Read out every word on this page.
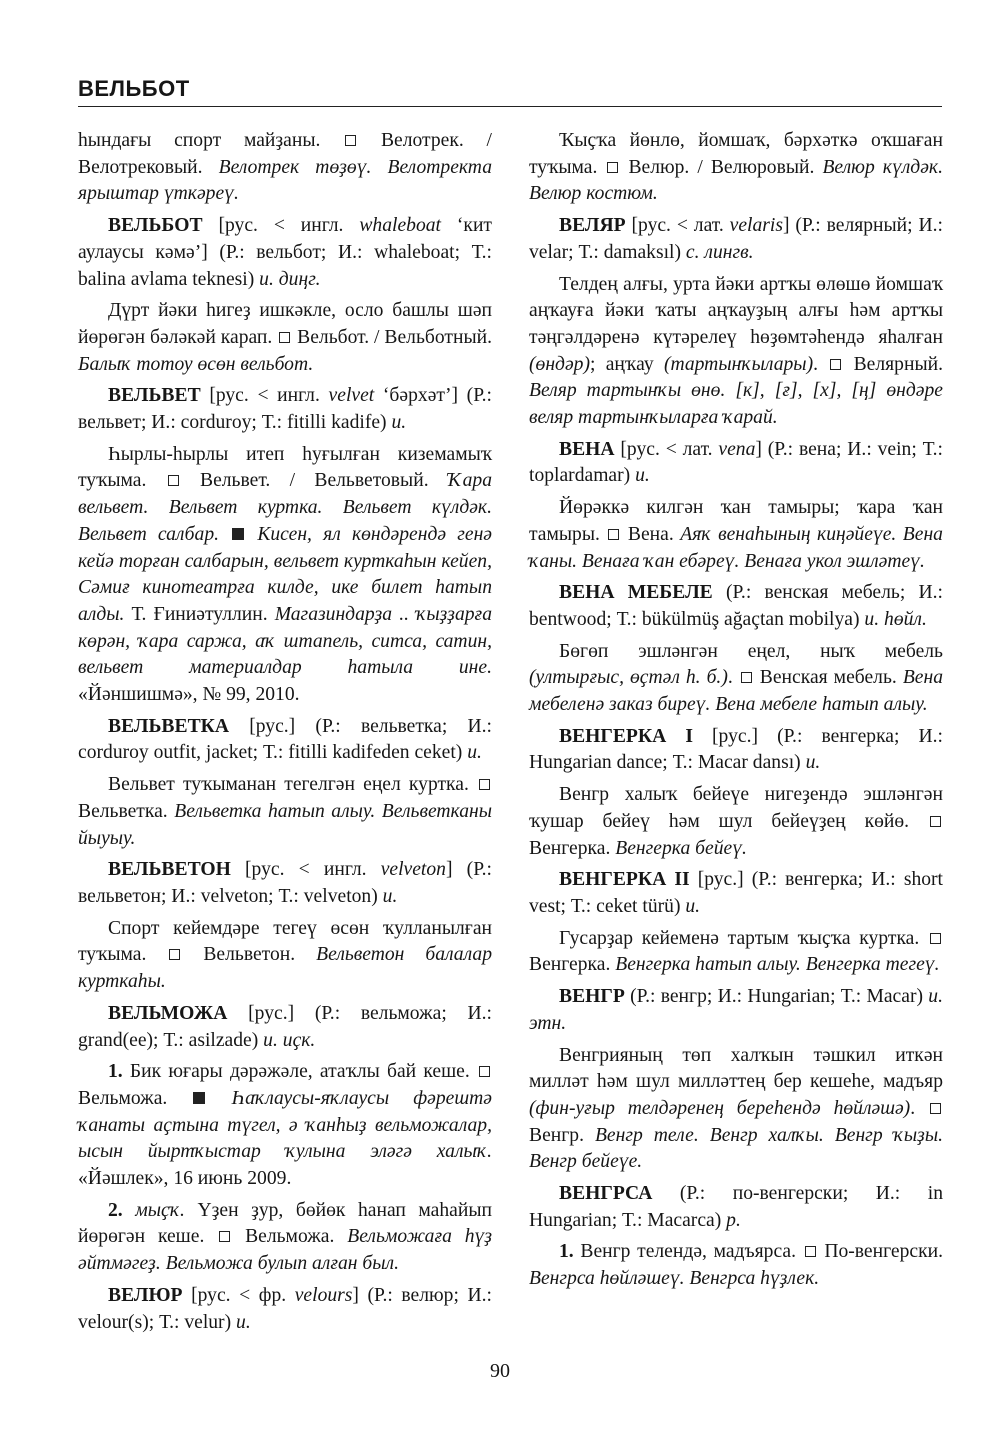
ВЕЛЬБОТ

hындағы спорт майҙаны.  Велотрек. / Велотрековый. Велотрек төҙөү. Велотректа ярыштар үткәреү.

ВЕЛЬБОТ [рус. < ингл. whaleboat ‘кит аулаусы кәмә’] (Р.: вельбот; И.: whaleboat; Т.: balina avlama teknesi) и. диңг.

Дүрт йәки һигеҙ ишкәкле, осло башлы шәп йөрөгән бәләкәй карап.  Вельбот. / Вельботный. Балыҡ тотоу өсөн вельбот.

ВЕЛЬВЕТ [рус. < ингл. velvet ‘бәрхәт’] (Р.: вельвет; И.: corduroy; Т.: fitilli kadife) и.

Һырлы-һырлы итеп һуғылған киземамыҡ туҡыма.  Вельвет. / Вельветовый. Ҡара вельвет. Вельвет куртка. Вельвет күлдәк. Вельвет салбар.  Кисен, ял көндәрендә генә кейә торған салбарын, вельвет курткаһын кейеп, Сәмиғ кинотеатрға килде, ике билет һатып алды. Т. Ғиниәтуллин. Магазиндарҙа .. ҡыҙҙарға көрән, ҡара саржа, аҡ штапель, ситса, сатин, вельвет материалдар һатыла ине. «Йәншишмә», № 99, 2010.

ВЕЛЬВЕТКА [рус.] (Р.: вельветка; И.: corduroy outfit, jacket; Т.: fitilli kadifeden ceket) и.

Вельвет туҡыманан тегелгән еңел куртка.  Вельветка. Вельветка һатып алыу. Вельветканы йыуыу.

ВЕЛЬВЕТОН [рус. < ингл. velveton] (Р.: вельветон; И.: velveton; Т.: velveton) и.

Спорт кейемдәре тегеү өсөн ҡулланылған туҡыма.  Вельветон. Вельветон балалар курткаһы.

ВЕЛЬМОЖА [рус.] (Р.: вельможа; И.: grand(ee); Т.: asilzade) и. иҫк.

1. Бик юғары дәрәжәле, атаҡлы бай кеше.  Вельможа.  Һаҡлаусы-яҡлаусы фәрештә ҡанаты аҫтына түгел, ә ҡанһыҙ вельможалар, ысын йыртҡыстар ҡулына эләгә халыҡ. «Йәшлек», 16 июнь 2009.

2. мыҫҡ. Үҙен ҙур, бөйөк һанап маһайып йөрөгән кеше.  Вельможа. Вельможаға һүҙ әйтмәгеҙ. Вельможа булып алған был.

ВЕЛЮР [рус. < фр. velours] (Р.: велюр; И.: velour(s); Т.: velur) и.

Ҡыҫҡа йөнлө, йомшаҡ, бәрхәткә оҡшаған туҡыма.  Велюр. / Велюровый. Велюр күлдәк. Велюр костюм.

ВЕЛЯР [рус. < лат. velaris] (Р.: велярный; И.: velar; Т.: damaksıl) с. лингв.

Телдең алғы, урта йәки артҡы өлөшө йомшаҡ аңҡауға йәки ҡаты аңҡауҙың алғы һәм артҡы тәңгәлдәренә күтәрелеү һөҙөмтәһендә яһалған (өндәр); аңҡау (тартынҡылары).  Велярный. Веляр тартынҡы өнө. [к], [ғ], [х], [ң] өндәре веляр тартынҡыларға ҡарай.

ВЕНА [рус. < лат. vena] (Р.: вена; И.: vein; Т.: toplardamar) и.

Йөрәккә килгән ҡан тамыры; ҡара ҡан тамыры.  Вена. Аяҡ венаһының киңәйеүе. Вена ҡаны. Венаға ҡан ебәреү. Венаға укол эшләтеү.

ВЕНА МЕБЕЛЕ (Р.: венская мебель; И.: bentwood; Т.: bükülmüş ağaçtan mobilya) и. һөйл.

Бөгөп эшләнгән еңел, ныҡ мебель (ултырғыс, өҫтәл һ. б.).  Венская мебель. Вена мебеленә заказ биреү. Вена мебеле һатып алыу.

ВЕНГЕРКА I [рус.] (Р.: венгерка; И.: Hungarian dance; Т.: Macar dansı) и.

Венгр халыҡ бейеүе нигеҙендә эшләнгән ҡушар бейеү һәм шул бейеүҙең көйө.  Венгерка. Венгерка бейеү.

ВЕНГЕРКА II [рус.] (Р.: венгерка; И.: short vest; Т.: ceket türü) и.

Гусарҙар кейеменә тартым ҡыҫҡа куртка.  Венгерка. Венгерка һатып алыу. Венгерка тегеү.

ВЕНГР (Р.: венгр; И.: Hungarian; Т.: Macar) и. этн.

Венгрияның төп халҡын тәшкил иткән милләт һәм шул милләттең бер кешеһе, мадъяр (фин-уғыр телдәренең береһендә һөйләшә).  Венгр. Венгр теле. Венгр халҡы. Венгр ҡыҙы. Венгр бейеүе.

ВЕНГРСА (Р.: по-венгерски; И.: in Hungarian; Т.: Macarca) р.

1. Венгр телендә, мадъярса.  По-венгерски. Венгрса һөйләшеү. Венгрса һүҙлек.

90
